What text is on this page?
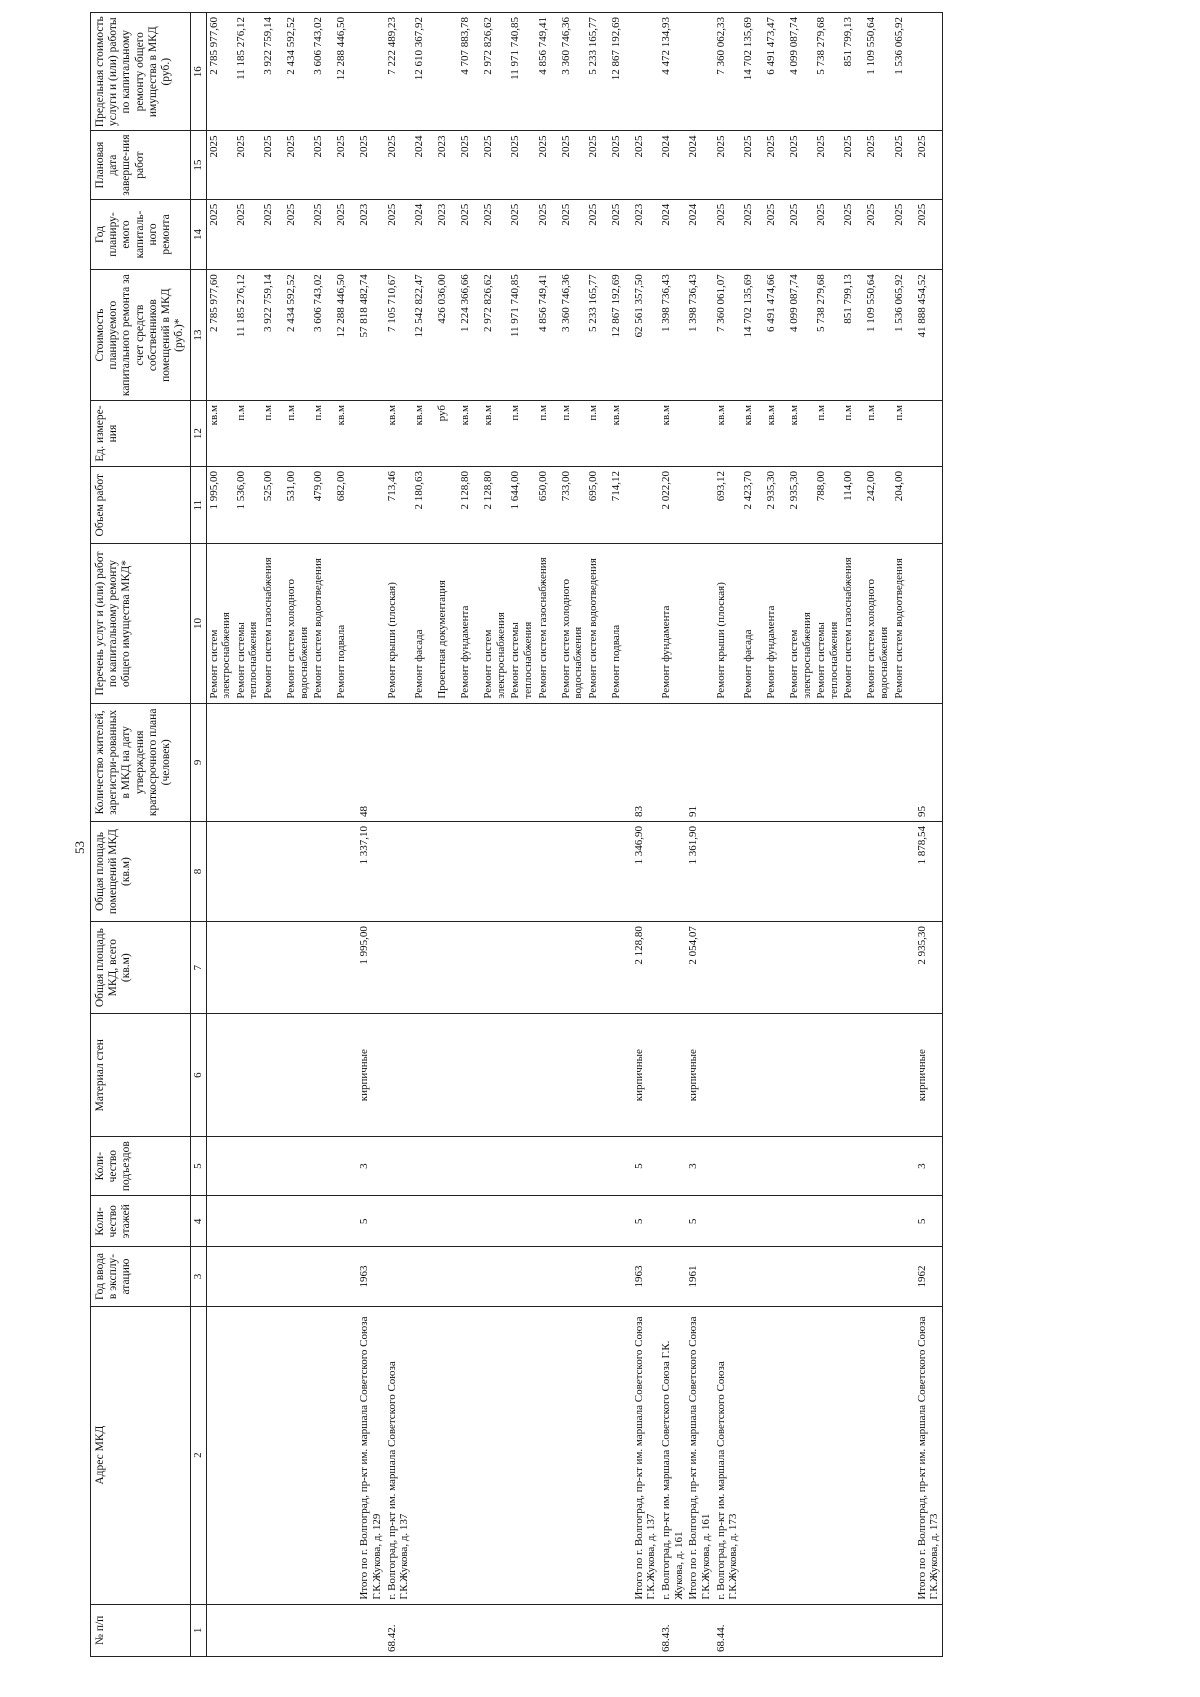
53
№ п/п	Адрес МКД	Год ввода в эксплу-атацию	Коли-чество этажей	Коли-чество подъездов	Материал стен	Общая площадь МКД, всего (кв.м)	Общая площадь помещений МКД (кв.м)	Количество жителей, зарегистри-рованных в МКД на дату утверждения краткосрочного плана (человек)	Перечень услуг и (или) работ по капитальному ремонту общего имущества МКД*	Объем работ	Ед. измере-ния	Стоимость планируемого капитального ремонта за счет средств собственников помещений в МКД (руб.)*	Год планиру-емого капиталь-ного ремонта	Плановая дата заверше-ния работ	Предельная стоимость услуги и (или) работы по капитальному ремонту общего имущества в МКД (руб.)
1	2	3	4	5	6	7	8	9	10	11	12	13	14	15	16
									Ремонт систем электроснабжения	1 995,00	кв.м	2 785 977,60	2025	2025	2 785 977,60
									Ремонт системы теплоснабжения	1 536,00	п.м	11 185 276,12	2025	2025	11 185 276,12
									Ремонт систем газоснабжения	525,00	п.м	3 922 759,14	2025	2025	3 922 759,14
									Ремонт систем холодного водоснабжения	531,00	п.м	2 434 592,52	2025	2025	2 434 592,52
									Ремонт систем водоотведения	479,00	п.м	3 606 743,02	2025	2025	3 606 743,02
									Ремонт подвала	682,00	кв.м	12 288 446,50	2025	2025	12 288 446,50
	Итого по г. Волгоград, пр-кт им. маршала Советского Союза Г.К.Жукова, д. 129	1963	5	3	кирпичные	1 995,00	1 337,10	48				57 818 482,74	2023	2025	
68.42.	г. Волгоград, пр-кт им. маршала Советского Союза Г.К.Жукова, д. 137								Ремонт крыши (плоская)	713,46	кв.м	7 105 710,67	2025	2025	7 222 489,23
									Ремонт фасада	2 180,63	кв.м	12 542 822,47	2024	2024	12 610 367,92
									Проектная документация		руб	426 036,00	2023	2023	
									Ремонт фундамента	2 128,80	кв.м	1 224 366,66	2025	2025	4 707 883,78
									Ремонт систем электроснабжения	2 128,80	кв.м	2 972 826,62	2025	2025	2 972 826,62
									Ремонт системы теплоснабжения	1 644,00	п.м	11 971 740,85	2025	2025	11 971 740,85
									Ремонт систем газоснабжения	650,00	п.м	4 856 749,41	2025	2025	4 856 749,41
									Ремонт систем холодного водоснабжения	733,00	п.м	3 360 746,36	2025	2025	3 360 746,36
									Ремонт систем водоотведения	695,00	п.м	5 233 165,77	2025	2025	5 233 165,77
									Ремонт подвала	714,12	кв.м	12 867 192,69	2025	2025	12 867 192,69
	Итого по г. Волгоград, пр-кт им. маршала Советского Союза Г.К.Жукова, д. 137	1963	5	5	кирпичные	2 128,80	1 346,90	83				62 561 357,50	2023	2025	
68.43.	г. Волгоград, пр-кт им. маршала Советского Союза Г.К. Жукова, д. 161								Ремонт фундамента	2 022,20	кв.м	1 398 736,43	2024	2024	4 472 134,93
	Итого по г. Волгоград, пр-кт им. маршала Советского Союза Г.К.Жукова, д. 161	1961	5	3	кирпичные	2 054,07	1 361,90	91				1 398 736,43	2024	2024	
68.44.	г. Волгоград, пр-кт им. маршала Советского Союза Г.К.Жукова, д. 173								Ремонт крыши (плоская)	693,12	кв.м	7 360 061,07	2025	2025	7 360 062,33
									Ремонт фасада	2 423,70	кв.м	14 702 135,69	2025	2025	14 702 135,69
									Ремонт фундамента	2 935,30	кв.м	6 491 474,66	2025	2025	6 491 473,47
									Ремонт систем электроснабжения	2 935,30	кв.м	4 099 087,74	2025	2025	4 099 087,74
									Ремонт системы теплоснабжения	788,00	п.м	5 738 279,68	2025	2025	5 738 279,68
									Ремонт систем газоснабжения	114,00	п.м	851 799,13	2025	2025	851 799,13
									Ремонт систем холодного водоснабжения	242,00	п.м	1 109 550,64	2025	2025	1 109 550,64
									Ремонт систем водоотведения	204,00	п.м	1 536 065,92	2025	2025	1 536 065,92
	Итого по г. Волгоград, пр-кт им. маршала Советского Союза Г.К.Жукова, д. 173	1962	5	3	кирпичные	2 935,30	1 878,54	95				41 888 454,52	2025	2025	
